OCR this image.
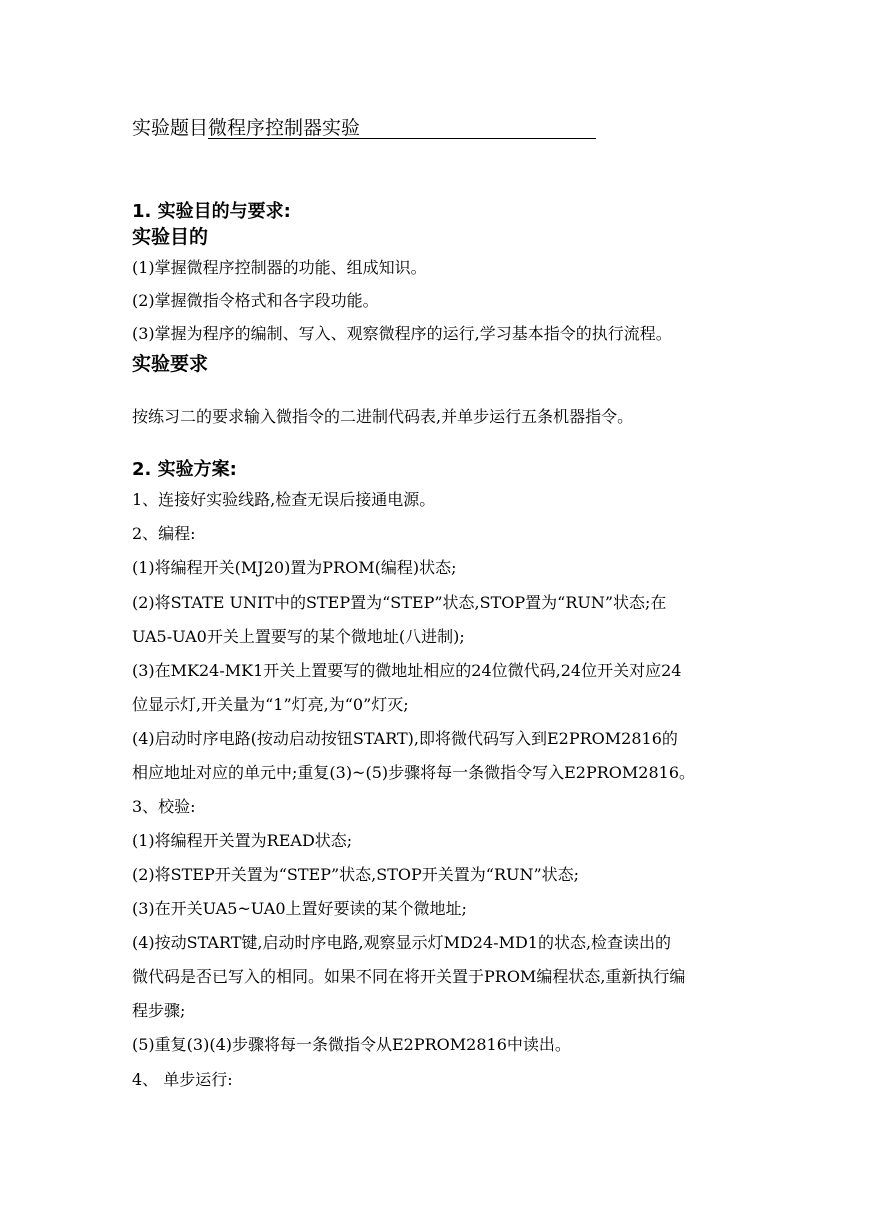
实验题目微程序控制器实验
1. 实验目的与要求:
实验目的
(1)掌握微程序控制器的功能、组成知识。
(2)掌握微指令格式和各字段功能。
(3)掌握为程序的编制、写入、观察微程序的运行,学习基本指令的执行流程。
实验要求
按练习二的要求输入微指令的二进制代码表,并单步运行五条机器指令。
2. 实验方案:
1、连接好实验线路,检查无误后接通电源。
2、编程:
(1)将编程开关(MJ20)置为PROM(编程)状态;
(2)将STATE UNIT中的STEP置为“STEP”状态,STOP置为“RUN”状态;在
UA5-UA0开关上置要写的某个微地址(八进制);
(3)在MK24-MK1开关上置要写的微地址相应的24位微代码,24位开关对应24
位显示灯,开关量为“1”灯亮,为“0”灯灭;
(4)启动时序电路(按动启动按钮START),即将微代码写入到E2PROM2816的
相应地址对应的单元中;重复(3)~(5)步骤将每一条微指令写入E2PROM2816。
3、校验:
(1)将编程开关置为READ状态;
(2)将STEP开关置为“STEP”状态,STOP开关置为“RUN”状态;
(3)在开关UA5~UA0上置好要读的某个微地址;
(4)按动START键,启动时序电路,观察显示灯MD24-MD1的状态,检查读出的
微代码是否已写入的相同。如果不同在将开关置于PROM编程状态,重新执行编
程步骤;
(5)重复(3)(4)步骤将每一条微指令从E2PROM2816中读出。
4、 单步运行:
